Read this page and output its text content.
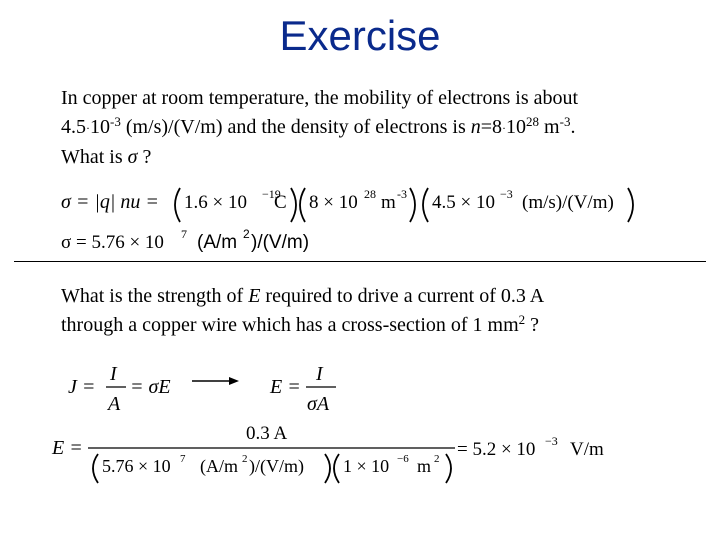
Exercise
In copper at room temperature, the mobility of electrons is about
$4.5\cdot 10^{-3}$ (m/s)/(V/m) and the density of electrons is $n=8\cdot 10^{28}$ $m^{-3}$.
What is σ ?
σ = |q| nu = 1.6 × 10 −19
C 8 × 10 28 m -3 4.5 × 10 −3 (m/s)/(V/m)
σ = 5.76 × 10 7 (A/m 2 )/(V/m)
J =
I
A
= σE	E =
I
σA
E =
0.3 A
5.76 × 10 7 (A/m 2 )/(V/m) 1 × 10 −6 m 2 = 5.2 × 10 −3 V/m
What is the strength of E required to drive a current of 0.3 A
through a copper wire which has a cross-section of 1 $mm^2$ ?
